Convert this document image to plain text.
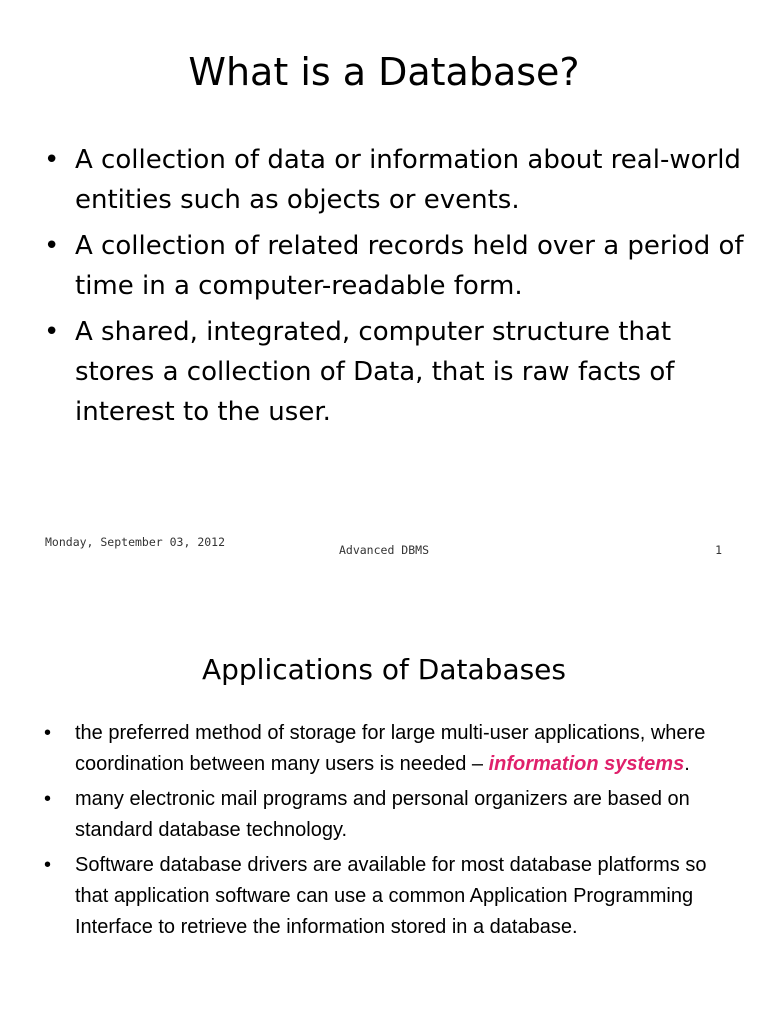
What is a Database?
• A collection of data or information about real-world entities such as objects or events.
• A collection of related records held over a period of time in a computer-readable form.
• A shared, integrated, computer structure that stores a collection of Data, that is raw facts of interest to the user.
Monday, September 03, 2012
Advanced DBMS	1
Applications of Databases
• the preferred method of storage for large multi-user applications, where coordination between many users is needed – information systems.
• many electronic mail programs and personal organizers are based on standard database technology.
• Software database drivers are available for most database platforms so that application software can use a common Application Programming Interface to retrieve the information stored in a database.
